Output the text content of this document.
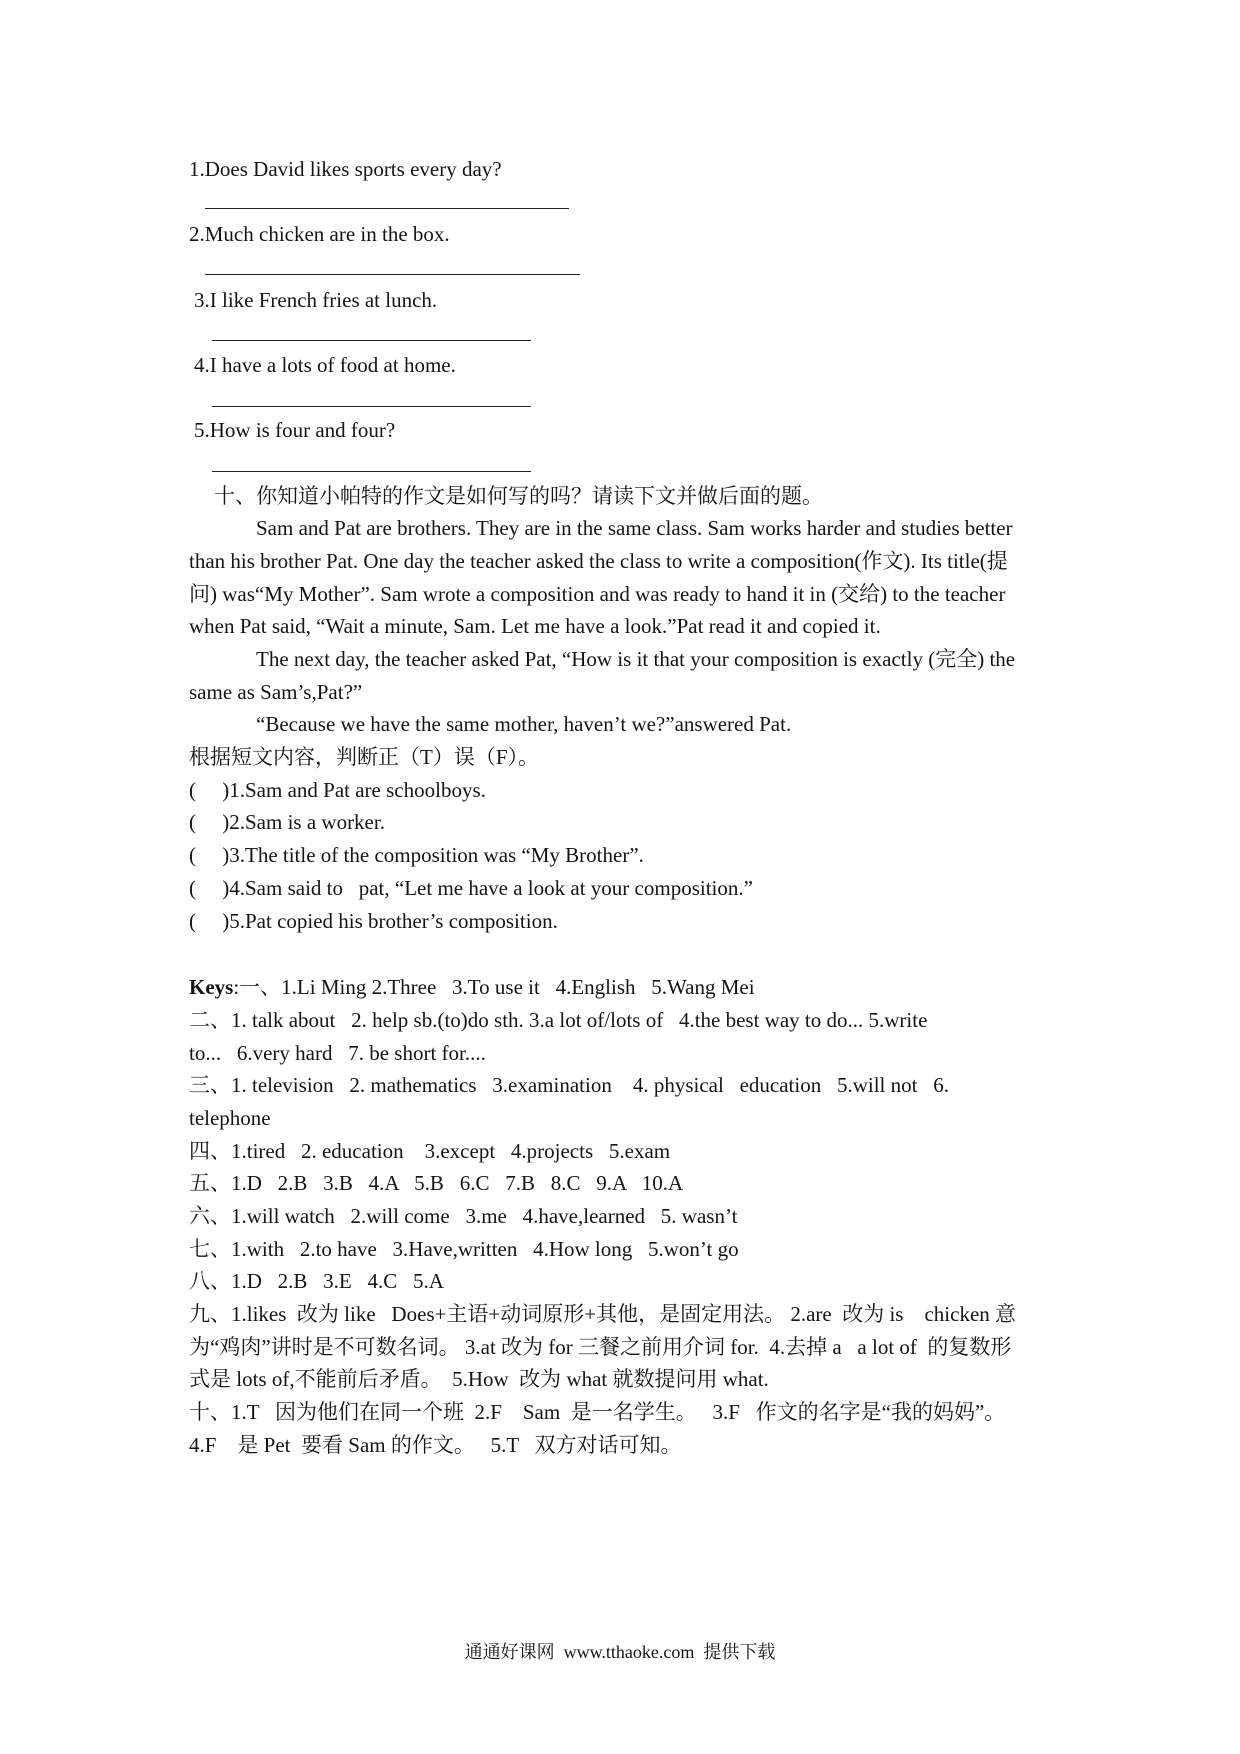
1.Does David likes sports every day?
2.Much chicken are in the box.
3.I like French fries at lunch.
4.I have a lots of food at home.
5.How is four and four?
十、你知道小帕特的作文是如何写的吗？请读下文并做后面的题。
Sam and Pat are brothers. They are in the same class. Sam works harder and studies better
than his brother Pat. One day the teacher asked the class to write a composition(作文). Its title(提
问) was“My Mother”. Sam wrote a composition and was ready to hand it in (交给) to the teacher
when Pat said, “Wait a minute, Sam. Let me have a look.”Pat read it and copied it.
The next day, the teacher asked Pat, “How is it that your composition is exactly (完全) the
same as Sam’s,Pat?”
“Because we have the same mother, haven’t we?”answered Pat.
根据短文内容，判断正（T）误（F）。
(     )1.Sam and Pat are schoolboys.
(     )2.Sam is a worker.
(     )3.The title of the composition was “My Brother”.
(     )4.Sam said to   pat, “Let me have a look at your composition.”
(     )5.Pat copied his brother’s composition.
Keys:一、1.Li Ming 2.Three   3.To use it   4.English   5.Wang Mei
二、1. talk about   2. help sb.(to)do sth. 3.a lot of/lots of   4.the best way to do... 5.write
to...   6.very hard   7. be short for....
三、1. television   2. mathematics   3.examination    4. physical   education   5.will not   6.
telephone
四、1.tired   2. education    3.except   4.projects   5.exam
五、1.D   2.B   3.B   4.A   5.B   6.C   7.B   8.C   9.A   10.A
六、1.will watch   2.will come   3.me   4.have,learned   5. wasn’t
七、1.with   2.to have   3.Have,written   4.How long   5.won’t go
八、1.D   2.B   3.E   4.C   5.A
九、1.likes  改为 like   Does+主语+动词原形+其他，是固定用法。 2.are  改为 is    chicken 意
为“鸡肉”讲时是不可数名词。 3.at 改为 for 三餐之前用介词 for.  4.去掉 a   a lot of  的复数形
式是 lots of,不能前后矛盾。  5.How  改为 what 就数提问用 what.
十、1.T   因为他们在同一个班  2.F    Sam  是一名学生。   3.F   作文的名字是“我的妈妈”。
4.F    是 Pet  要看 Sam 的作文。   5.T   双方对话可知。
通通好课网  www.tthaoke.com  提供下载
